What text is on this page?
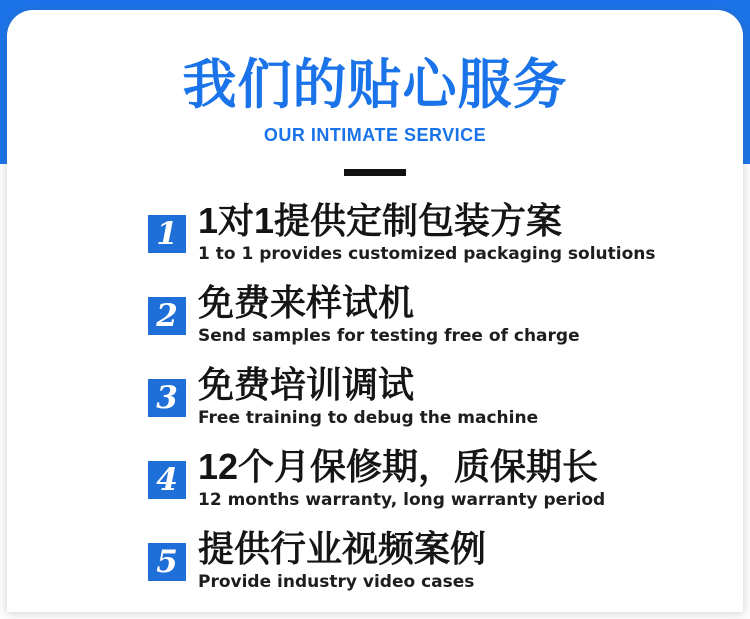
我们的贴心服务
OUR INTIMATE SERVICE
1 1对1提供定制包装方案
1 to 1 provides customized packaging solutions
2 免费来样试机
Send samples for testing free of charge
3 免费培训调试
Free training to debug the machine
4 12个月保修期，质保期长
12 months warranty, long warranty period
5 提供行业视频案例
Provide industry video cases
